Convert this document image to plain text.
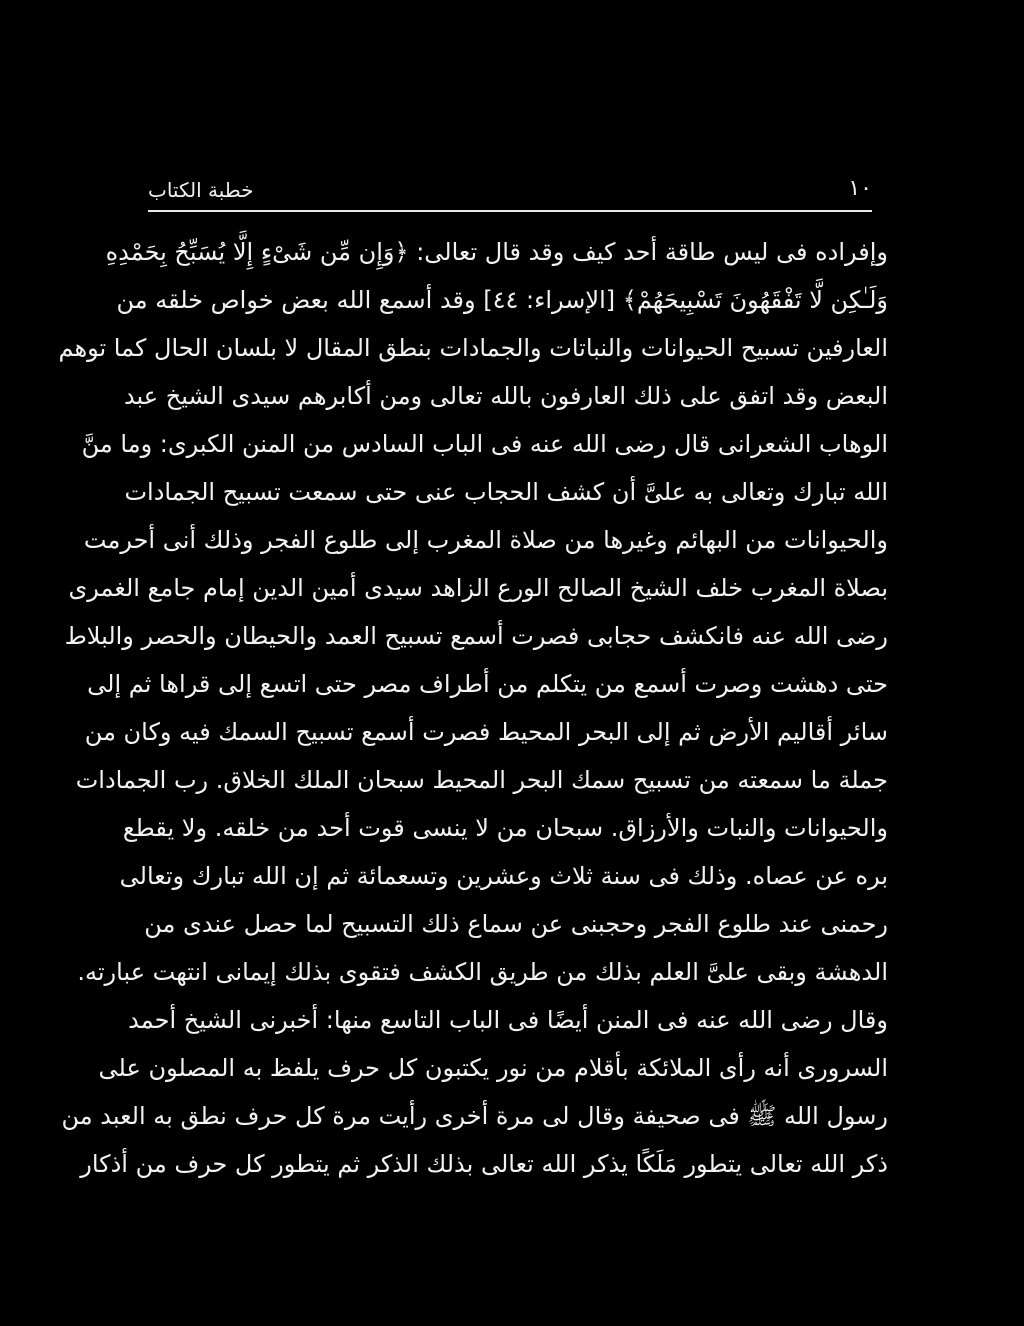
خطبة الكتاب	١٠
وإفراده فى ليس طاقة أحد كيف وقد قال تعالى: ﴿وَإِن مِّن شَىْءٍ إِلَّا يُسَبِّحُ بِحَمْدِهِ
وَلَـٰكِن لَّا تَفْقَهُونَ تَسْبِيحَهُمْ﴾ [الإسراء: ٤٤] وقد أسمع الله بعض خواص خلقه من
العارفين تسبيح الحيوانات والنباتات والجمادات بنطق المقال لا بلسان الحال كما توهم
البعض وقد اتفق على ذلك العارفون بالله تعالى ومن أكابرهم سيدى الشيخ عبد
الوهاب الشعرانى قال رضى الله عنه فى الباب السادس من المنن الكبرى: وما منَّ
الله تبارك وتعالى به علىَّ أن كشف الحجاب عنى حتى سمعت تسبيح الجمادات
والحيوانات من البهائم وغيرها من صلاة المغرب إلى طلوع الفجر وذلك أنى أحرمت
بصلاة المغرب خلف الشيخ الصالح الورع الزاهد سيدى أمين الدين إمام جامع الغمرى
رضى الله عنه فانكشف حجابى فصرت أسمع تسبيح العمد والحيطان والحصر والبلاط
حتى دهشت وصرت أسمع من يتكلم من أطراف مصر حتى اتسع إلى قراها ثم إلى
سائر أقاليم الأرض ثم إلى البحر المحيط فصرت أسمع تسبيح السمك فيه وكان من
جملة ما سمعته من تسبيح سمك البحر المحيط سبحان الملك الخلاق. رب الجمادات
والحيوانات والنبات والأرزاق. سبحان من لا ينسى قوت أحد من خلقه. ولا يقطع
بره عن عصاه. وذلك فى سنة ثلاث وعشرين وتسعمائة ثم إن الله تبارك وتعالى
رحمنى عند طلوع الفجر وحجبنى عن سماع ذلك التسبيح لما حصل عندى من
الدهشة وبقى علىَّ العلم بذلك من طريق الكشف فتقوى بذلك إيمانى انتهت عبارته.
وقال رضى الله عنه فى المنن أيضًا فى الباب التاسع منها: أخبرنى الشيخ أحمد
السرورى أنه رأى الملائكة بأقلام من نور يكتبون كل حرف يلفظ به المصلون على
رسول الله ﷺ فى صحيفة وقال لى مرة أخرى رأيت مرة كل حرف نطق به العبد من
ذكر الله تعالى يتطور مَلَكًا يذكر الله تعالى بذلك الذكر ثم يتطور كل حرف من أذكار
